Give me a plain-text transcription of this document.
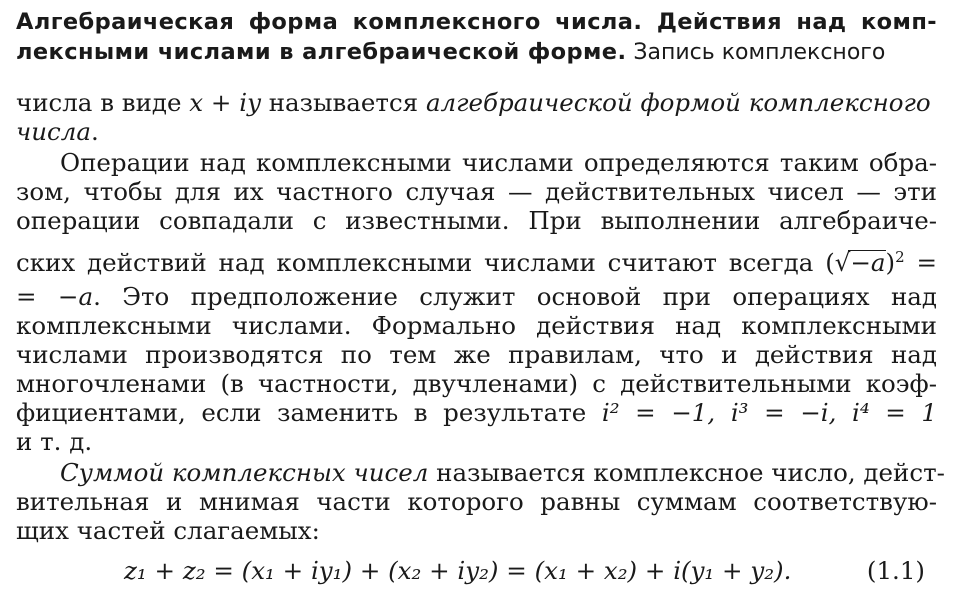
Алгебраическая форма комплексного числа. Действия над комп-
лексными числами в алгебраической форме. Запись комплексного
числа в виде x + iy называется алгебраической формой комплексного
числа.
Операции над комплексными числами определяются таким обра-
зом, чтобы для их частного случая — действительных чисел — эти
операции совпадали с известными. При выполнении алгебраиче-
ских действий над комплексными числами считают всегда $(√-a)^2$ =
= −a. Это предположение служит основой при операциях над
комплексными числами. Формально действия над комплексными
числами производятся по тем же правилам, что и действия над
многочленами (в частности, двучленами) с действительными коэф-
фициентами, если заменить в результате i² = −1, i³ = −i, i⁴ = 1
и т. д.
Суммой комплексных чисел называется комплексное число, дейст-
вительная и мнимая части которого равны суммам соответствую-
щих частей слагаемых:
z₁ + z₂ = (x₁ + iy₁) + (x₂ + iy₂) = (x₁ + x₂) + i(y₁ + y₂).	(1.1)
